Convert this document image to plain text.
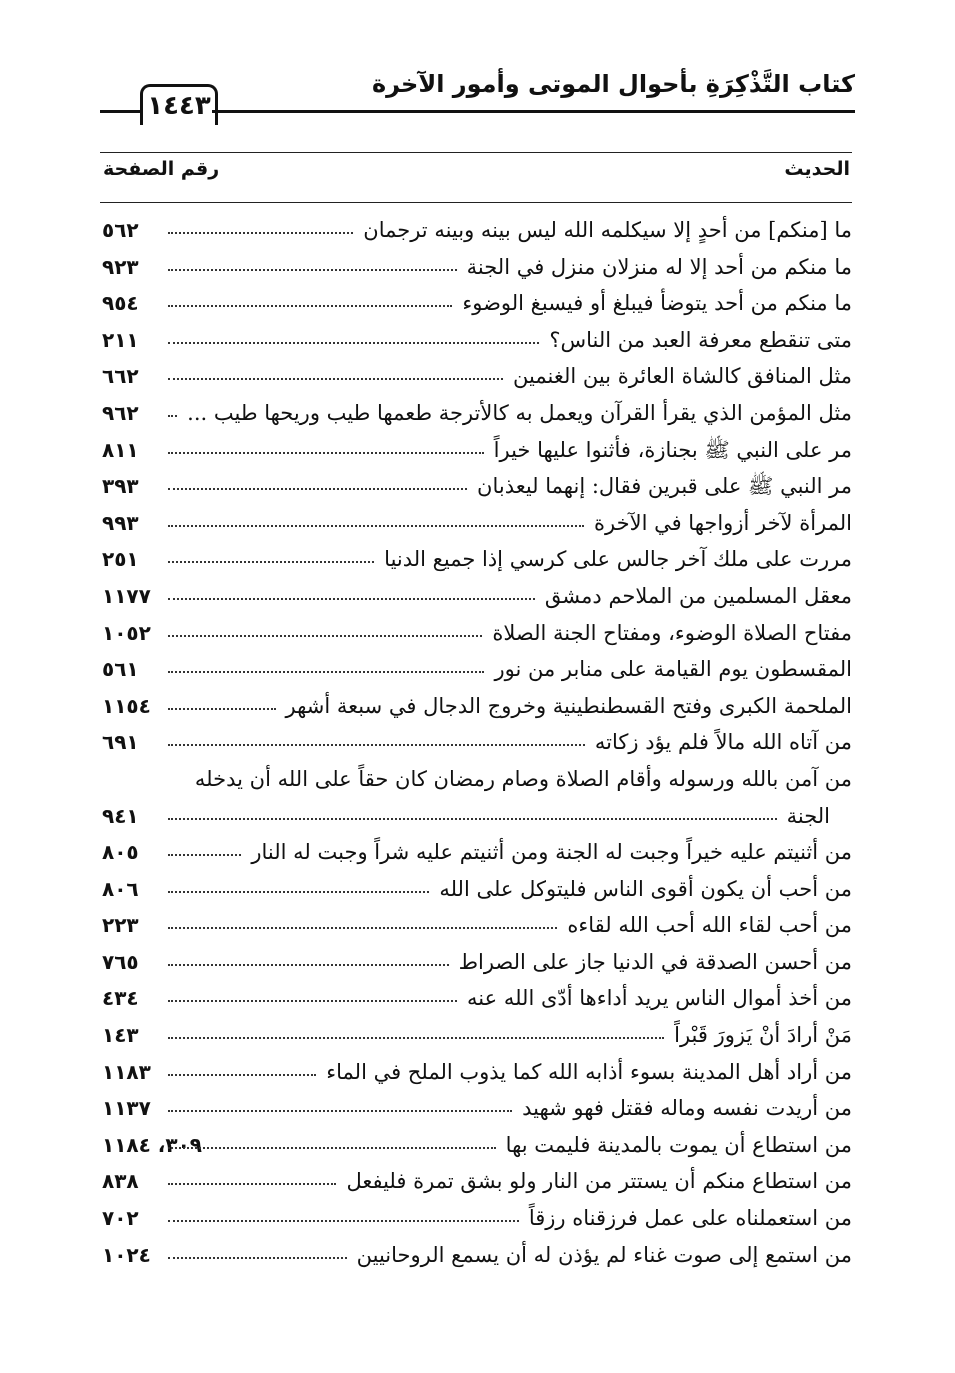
كتاب التَّذْكِرَةِ بأحوال الموتى وأمور الآخرة
١٤٤٣
الحديث
رقم الصفحة
ما [منكم] من أحدٍ إلا سيكلمه الله ليس بينه وبينه ترجمان
٥٦٢
ما منكم من أحد إلا له منزلان منزل في الجنة
٩٢٣
ما منكم من أحد يتوضأ فيبلغ أو فيسبغ الوضوء
٩٥٤
متى تنقطع معرفة العبد من الناس؟
٢١١
مثل المنافق كالشاة العائرة بين الغنمين
٦٦٢
مثل المؤمن الذي يقرأ القرآن ويعمل به كالأترجة طعمها طيب وريحها طيب ...
٩٦٢
مر على النبي ﷺ بجنازة، فأثنوا عليها خيراً
٨١١
مر النبي ﷺ على قبرين فقال: إنهما ليعذبان
٣٩٣
المرأة لآخر أزواجها في الآخرة
٩٩٣
مررت على ملك آخر جالس على كرسي إذا جميع الدنيا
٢٥١
معقل المسلمين من الملاحم دمشق
١١٧٧
مفتاح الصلاة الوضوء، ومفتاح الجنة الصلاة
١٠٥٢
المقسطون يوم القيامة على منابر من نور
٥٦١
الملحمة الكبرى وفتح القسطنطينية وخروج الدجال في سبعة أشهر
١١٥٤
من آتاه الله مالاً فلم يؤد زكاته
٦٩١
من آمن بالله ورسوله وأقام الصلاة وصام رمضان كان حقاً على الله أن يدخله
الجنة
٩٤١
من أثنيتم عليه خيراً وجبت له الجنة ومن أثنيتم عليه شراً وجبت له النار
٨٠٥
من أحب أن يكون أقوى الناس فليتوكل على الله
٨٠٦
من أحب لقاء الله أحب الله لقاءه
٢٢٣
من أحسن الصدقة في الدنيا جاز على الصراط
٧٦٥
من أخذ أموال الناس يريد أداءها أدّى الله عنه
٤٣٤
مَنْ أرادَ أنْ يَزورَ قَبْراً
١٤٣
من أراد أهل المدينة بسوء أذابه الله كما يذوب الملح في الماء
١١٨٣
من أريدت نفسه وماله فقتل فهو شهيد
١١٣٧
من استطاع أن يموت بالمدينة فليمت بها
٣٠٩، ١١٨٤
من استطاع منكم أن يستتر من النار ولو بشق تمرة فليفعل
٨٣٨
من استعملناه على عمل فرزقناه رزقاً
٧٠٢
من استمع إلى صوت غناء لم يؤذن له أن يسمع الروحانيين
١٠٢٤
